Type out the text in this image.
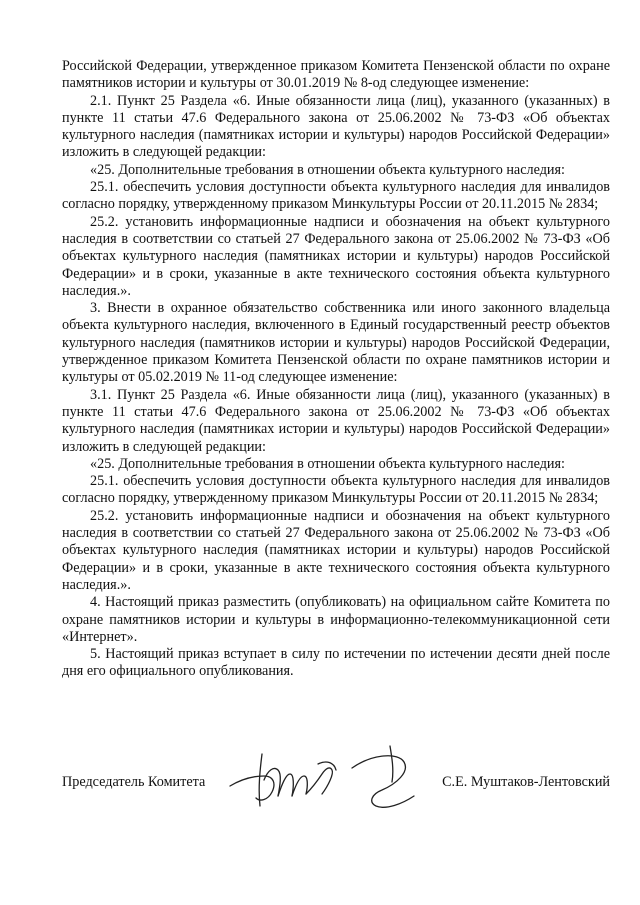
Российской Федерации, утвержденное приказом Комитета Пензенской области по охране памятников истории и культуры от 30.01.2019 № 8-од следующее изменение:

2.1. Пункт 25 Раздела «6. Иные обязанности лица (лиц), указанного (указанных) в пункте 11 статьи 47.6 Федерального закона от 25.06.2002 № 73-ФЗ «Об объектах культурного наследия (памятниках истории и культуры) народов Российской Федерации» изложить в следующей редакции:

«25. Дополнительные требования в отношении объекта культурного наследия:

25.1. обеспечить условия доступности объекта культурного наследия для инвалидов согласно порядку, утвержденному приказом Минкультуры России от 20.11.2015 № 2834;

25.2. установить информационные надписи и обозначения на объект культурного наследия в соответствии со статьей 27 Федерального закона от 25.06.2002 № 73-ФЗ «Об объектах культурного наследия (памятниках истории и культуры) народов Российской Федерации» и в сроки, указанные в акте технического состояния объекта культурного наследия.».

3. Внести в охранное обязательство собственника или иного законного владельца объекта культурного наследия, включенного в Единый государственный реестр объектов культурного наследия (памятников истории и культуры) народов Российской Федерации, утвержденное приказом Комитета Пензенской области по охране памятников истории и культуры от 05.02.2019 № 11-од следующее изменение:

3.1. Пункт 25 Раздела «6. Иные обязанности лица (лиц), указанного (указанных) в пункте 11 статьи 47.6 Федерального закона от 25.06.2002 № 73-ФЗ «Об объектах культурного наследия (памятниках истории и культуры) народов Российской Федерации» изложить в следующей редакции:

«25. Дополнительные требования в отношении объекта культурного наследия:

25.1. обеспечить условия доступности объекта культурного наследия для инвалидов согласно порядку, утвержденному приказом Минкультуры России от 20.11.2015 № 2834;

25.2. установить информационные надписи и обозначения на объект культурного наследия в соответствии со статьей 27 Федерального закона от 25.06.2002 № 73-ФЗ «Об объектах культурного наследия (памятниках истории и культуры) народов Российской Федерации» и в сроки, указанные в акте технического состояния объекта культурного наследия.».

4. Настоящий приказ разместить (опубликовать) на официальном сайте Комитета по охране памятников истории и культуры в информационно-телекоммуникационной сети «Интернет».

5. Настоящий приказ вступает в силу по истечении по истечении десяти дней после дня его официального опубликования.

Председатель Комитета	С.Е. Муштаков-Лентовский
